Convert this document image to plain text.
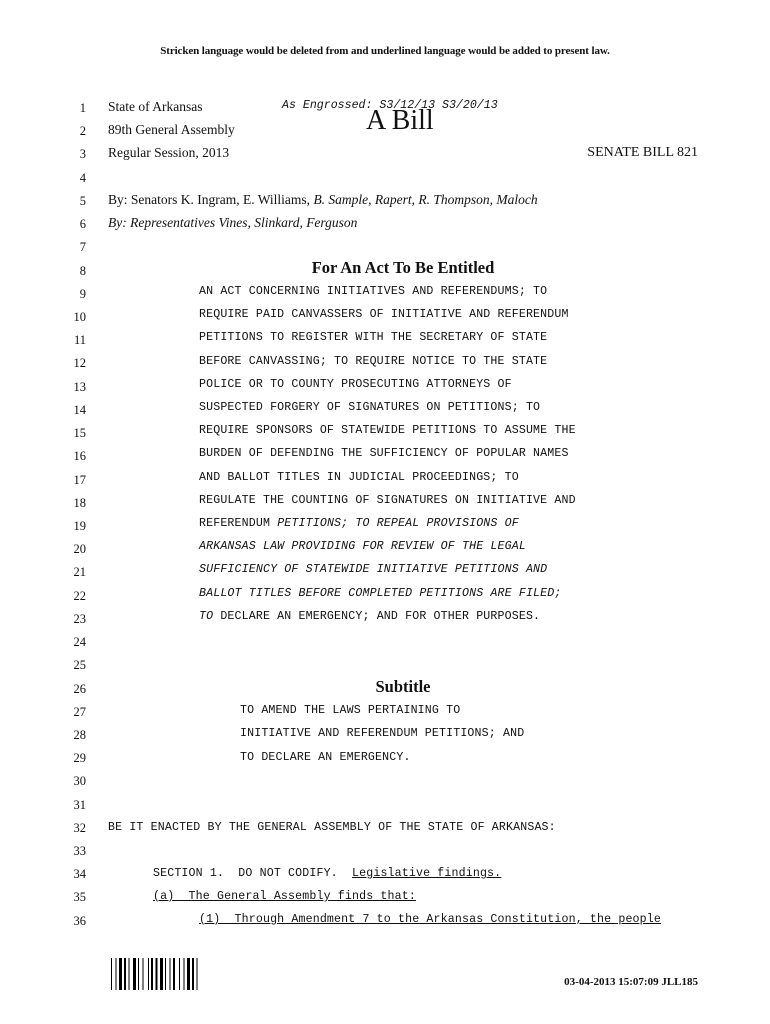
Stricken language would be deleted from and underlined language would be added to present law.
1
2
3
4
5
6
7
8
9
10
11
12
13
14
15
16
17
18
19
20
21
22
23
24
25
26
27
28
29
30
31
32
33
34
35
36
State of Arkansas	As Engrossed: S3/12/13 S3/20/13
89th General Assembly	A Bill
Regular Session, 2013	SENATE BILL 821
By: Senators K. Ingram, E. Williams, B. Sample, Rapert, R. Thompson, Maloch
By: Representatives Vines, Slinkard, Ferguson
For An Act To Be Entitled
AN ACT CONCERNING INITIATIVES AND REFERENDUMS; TO
REQUIRE PAID CANVASSERS OF INITIATIVE AND REFERENDUM
PETITIONS TO REGISTER WITH THE SECRETARY OF STATE
BEFORE CANVASSING; TO REQUIRE NOTICE TO THE STATE
POLICE OR TO COUNTY PROSECUTING ATTORNEYS OF
SUSPECTED FORGERY OF SIGNATURES ON PETITIONS; TO
REQUIRE SPONSORS OF STATEWIDE PETITIONS TO ASSUME THE
BURDEN OF DEFENDING THE SUFFICIENCY OF POPULAR NAMES
AND BALLOT TITLES IN JUDICIAL PROCEEDINGS; TO
REGULATE THE COUNTING OF SIGNATURES ON INITIATIVE AND
REFERENDUM PETITIONS; TO REPEAL PROVISIONS OF
ARKANSAS LAW PROVIDING FOR REVIEW OF THE LEGAL
SUFFICIENCY OF STATEWIDE INITIATIVE PETITIONS AND
BALLOT TITLES BEFORE COMPLETED PETITIONS ARE FILED;
TO DECLARE AN EMERGENCY; AND FOR OTHER PURPOSES.
Subtitle
TO AMEND THE LAWS PERTAINING TO
INITIATIVE AND REFERENDUM PETITIONS; AND
TO DECLARE AN EMERGENCY.
BE IT ENACTED BY THE GENERAL ASSEMBLY OF THE STATE OF ARKANSAS:
SECTION 1.  DO NOT CODIFY.  Legislative findings.
(a)  The General Assembly finds that:
(1)  Through Amendment 7 to the Arkansas Constitution, the people
03-04-2013 15:07:09 JLL185
